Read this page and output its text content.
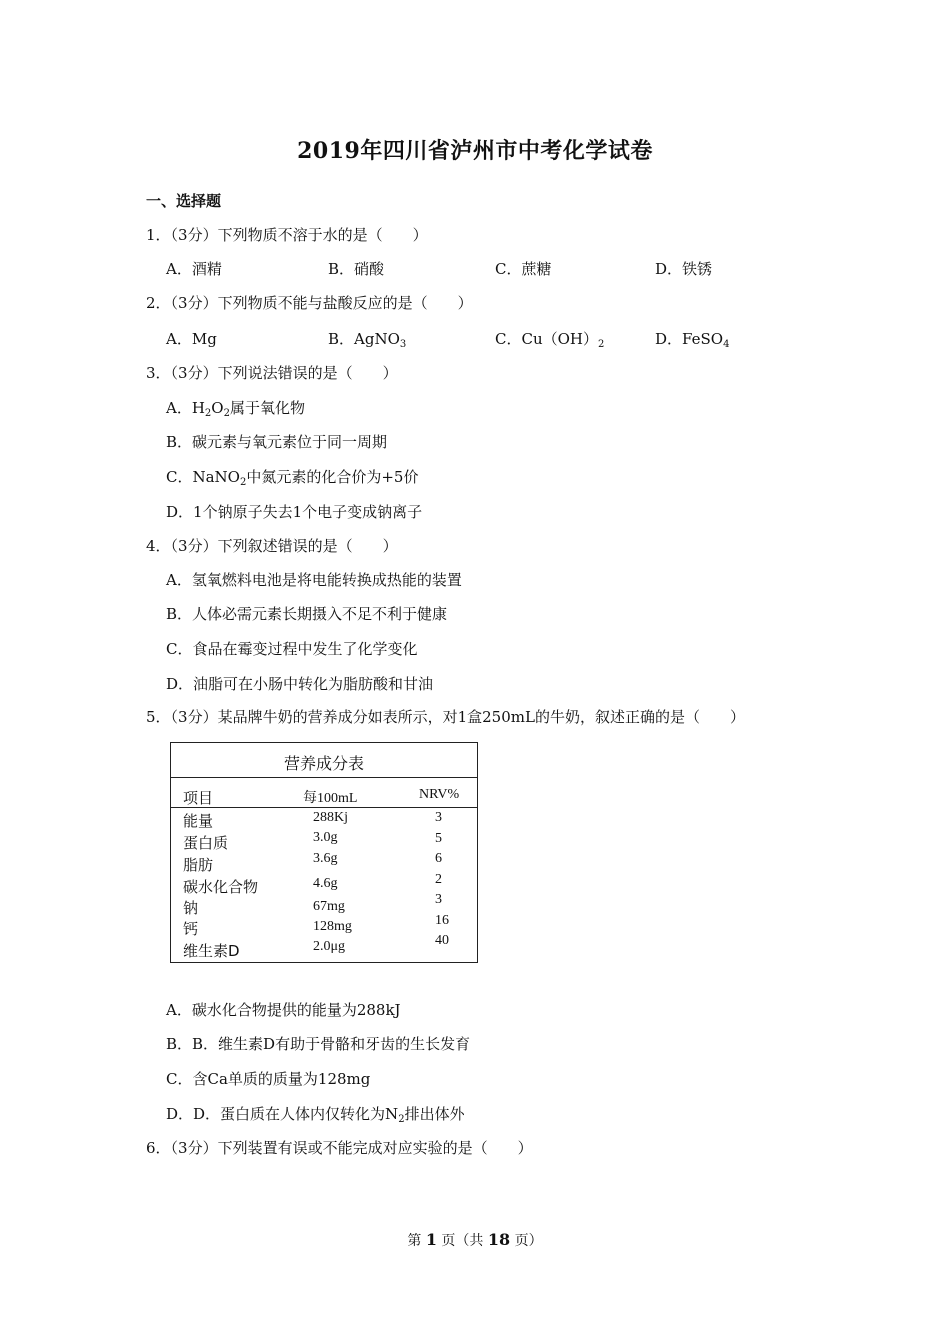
2019年四川省泸州市中考化学试卷
一、选择题
1．（3分）下列物质不溶于水的是（　　）
A．酒精	B．硝酸	C．蔗糖	D．铁锈
2．（3分）下列物质不能与盐酸反应的是（　　）
A．Mg	B．AgNO$_3$	C．$Cu(OH)_2$	D．FeSO$_4$
3．（3分）下列说法错误的是（　　）
A．$H_2O_2$属于氧化物
B．碳元素与氧元素位于同一周期
C．NaNO$_2$中氮元素的化合价为+5价
D．1个钠原子失去1个电子变成钠离子
4．（3分）下列叙述错误的是（　　）
A．氢氧燃料电池是将电能转换成热能的装置
B．人体必需元素长期摄入不足不利于健康
C．食品在霉变过程中发生了化学变化
D．油脂可在小肠中转化为脂肪酸和甘油
5．（3分）某品牌牛奶的营养成分如表所示，对1盒250mL的牛奶，叙述正确的是（　　）
营养成分表
项目	每100mL	NRV%
能量	288Kj	3
蛋白质	3.0g	5
脂肪	3.6g	6
碳水化合物	4.6g	2
钠	67mg	3
钙	128mg	16
维生素D	2.0μg	40
A．碳水化合物提供的能量为288kJ
B．B．维生素D有助于骨骼和牙齿的生长发育
C．含Ca单质的质量为128mg
D．D．蛋白质在人体内仅转化为$N_2$排出体外
6．（3分）下列装置有误或不能完成对应实验的是（　　）
第 1 页（共 18 页）
